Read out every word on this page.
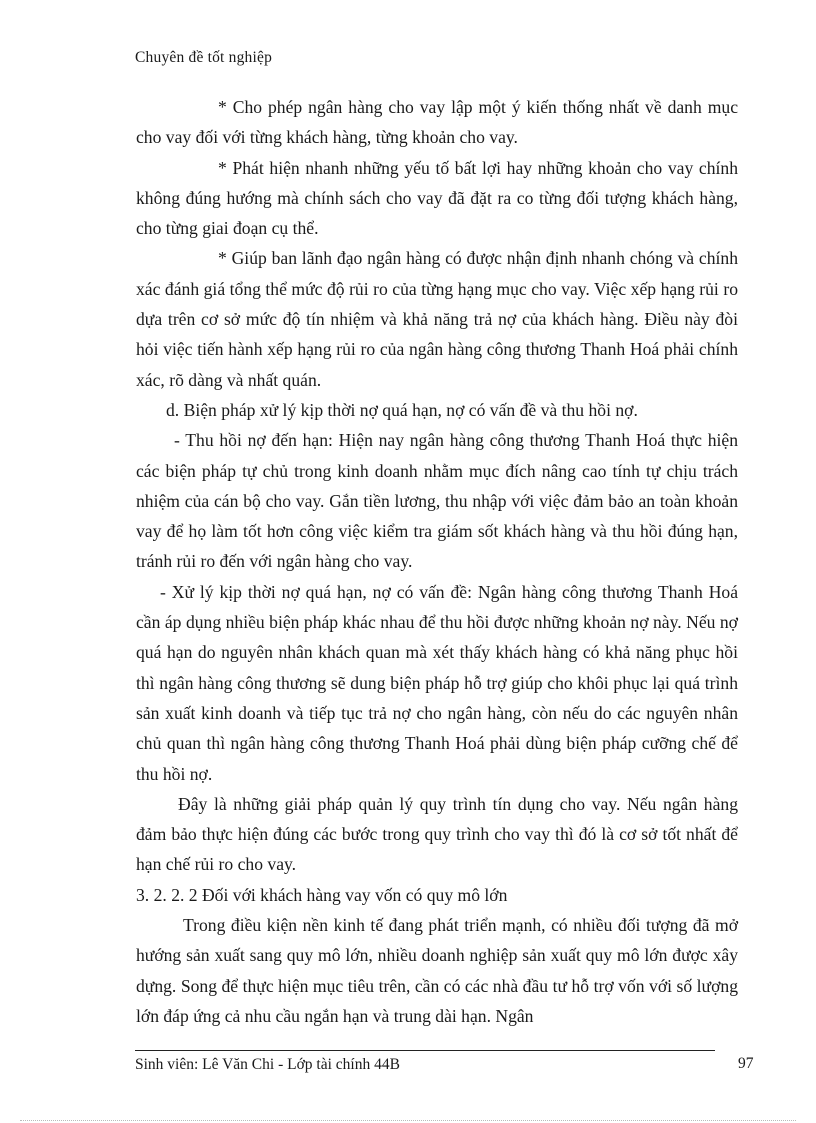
Chuyên đề tốt nghiệp

* Cho phép ngân hàng cho vay lập một ý kiến thống nhất về danh mục cho vay đối với từng khách hàng, từng khoản cho vay.

* Phát hiện nhanh những yếu tố bất lợi hay những khoản cho vay chính không đúng hướng mà chính sách cho vay đã đặt ra co từng đối tượng khách hàng, cho từng giai đoạn cụ thể.

* Giúp ban lãnh đạo ngân hàng có được nhận định nhanh chóng và chính xác đánh giá tổng thể mức độ rủi ro của từng hạng mục cho vay. Việc xếp hạng rủi ro dựa trên cơ sở mức độ tín nhiệm và khả năng trả nợ của khách hàng. Điều này đòi hỏi việc tiến hành xếp hạng rủi ro của ngân hàng công thương Thanh Hoá phải chính xác, rõ dàng và nhất quán.

d. Biện pháp xử lý kịp thời nợ quá hạn, nợ có vấn đề và thu hồi nợ.

- Thu hồi nợ đến hạn: Hiện nay ngân hàng công thương Thanh Hoá thực hiện các biện pháp tự chủ trong kinh doanh nhằm mục đích nâng cao tính tự chịu trách nhiệm của cán bộ cho vay. Gắn tiền lương, thu nhập với việc đảm bảo an toàn khoản vay để họ làm tốt hơn công việc kiểm tra giám sốt khách hàng và thu hồi đúng hạn, tránh rủi ro đến với ngân hàng cho vay.

- Xử lý kịp thời nợ quá hạn, nợ có vấn đề: Ngân hàng công thương Thanh Hoá cần áp dụng nhiều biện pháp khác nhau để thu hồi được những khoản nợ này. Nếu nợ quá hạn do nguyên nhân khách quan mà xét thấy khách hàng có khả năng phục hồi thì ngân hàng công thương sẽ dung biện pháp hỗ trợ giúp cho khôi phục lại quá trình sản xuất kinh doanh và tiếp tục trả nợ cho ngân hàng, còn nếu do các nguyên nhân chủ quan thì ngân hàng công thương Thanh Hoá phải dùng biện pháp cưỡng chế để thu hồi nợ.

Đây là những giải pháp quản lý quy trình tín dụng cho vay. Nếu ngân hàng đảm bảo thực hiện đúng các bước trong quy trình cho vay thì đó là cơ sở tốt nhất để hạn chế rủi ro cho vay.

3. 2. 2. 2 Đối với khách hàng vay vốn có quy mô lớn

Trong điều kiện nền kinh tế đang phát triển mạnh, có nhiều đối tượng đã mở hướng sản xuất sang quy mô lớn, nhiều doanh nghiệp sản xuất quy mô lớn được xây dựng. Song để thực hiện mục tiêu trên, cần có các nhà đầu tư hỗ trợ vốn với số lượng lớn đáp ứng cả nhu cầu ngắn hạn và trung dài hạn. Ngân

Sinh viên: Lê Văn Chi - Lớp tài chính 44B	97
